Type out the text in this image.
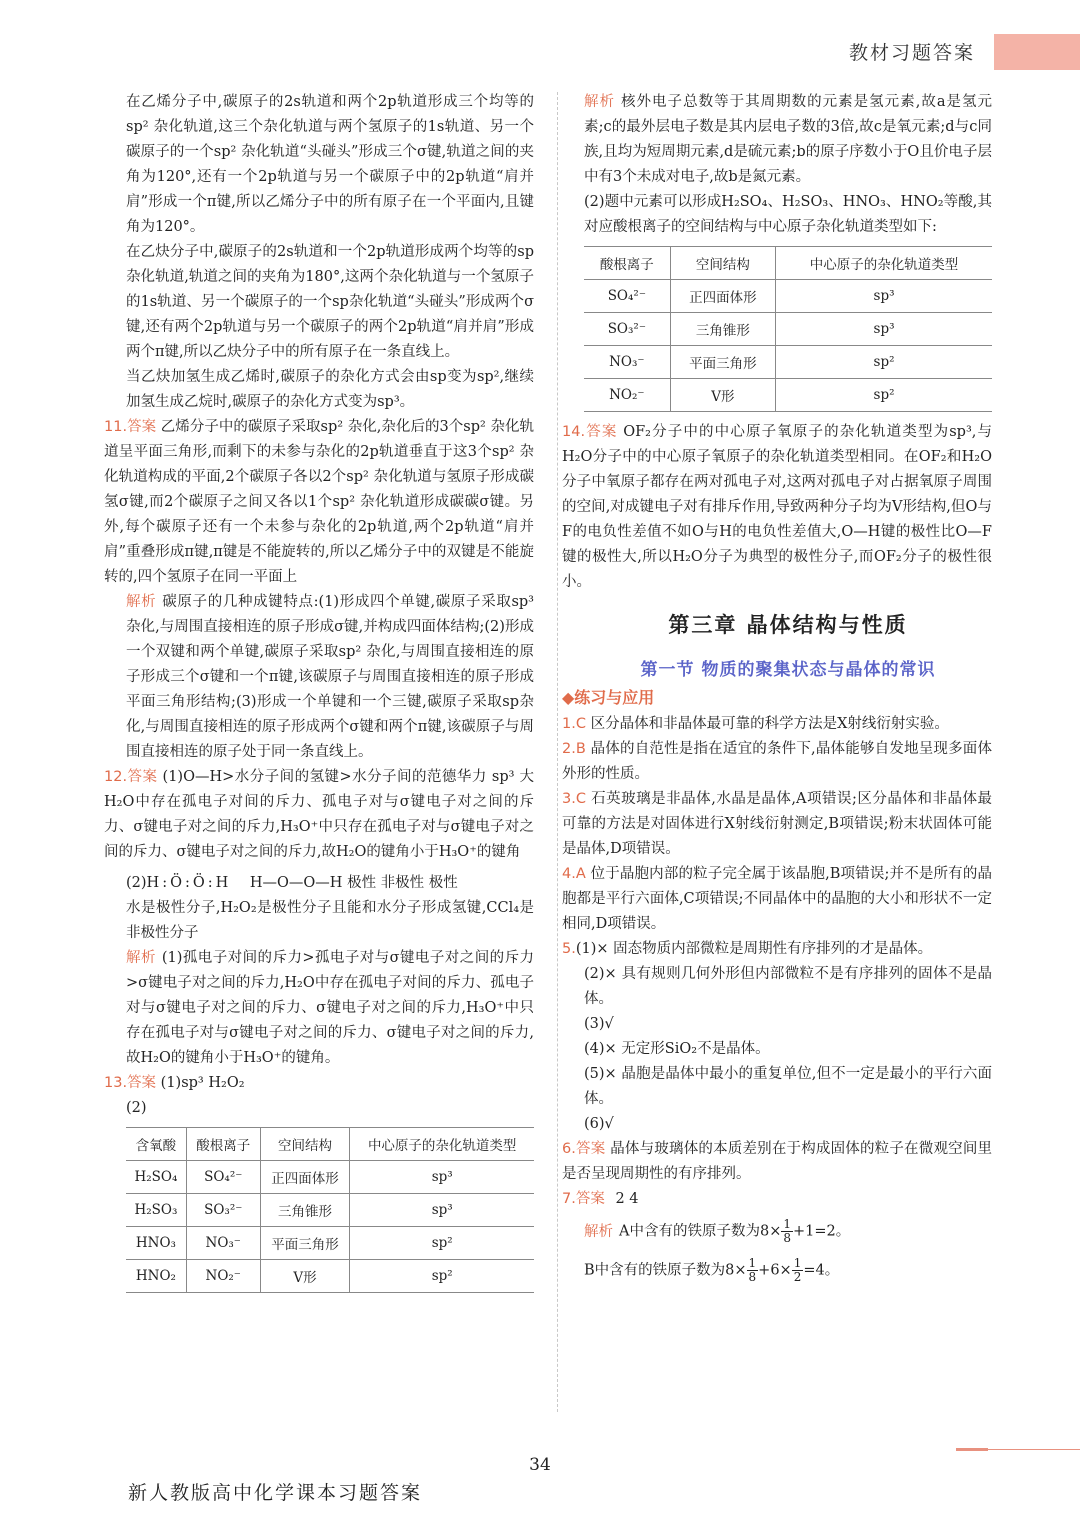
教材习题答案

在乙烯分子中,碳原子的2s轨道和两个2p轨道形成三个均等的sp² 杂化轨道,这三个杂化轨道与两个氢原子的1s轨道、另一个碳原子的一个sp² 杂化轨道“头碰头”形成三个σ键,轨道之间的夹角为120°,还有一个2p轨道与另一个碳原子中的2p轨道“肩并肩”形成一个π键,所以乙烯分子中的所有原子在一个平面内,且键角为120°。

在乙炔分子中,碳原子的2s轨道和一个2p轨道形成两个均等的sp杂化轨道,轨道之间的夹角为180°,这两个杂化轨道与一个氢原子的1s轨道、另一个碳原子的一个sp杂化轨道“头碰头”形成两个σ键,还有两个2p轨道与另一个碳原子的两个2p轨道“肩并肩”形成两个π键,所以乙炔分子中的所有原子在一条直线上。

当乙炔加氢生成乙烯时,碳原子的杂化方式会由sp变为sp²,继续加氢生成乙烷时,碳原子的杂化方式变为sp³。

11.答案 乙烯分子中的碳原子采取sp² 杂化,杂化后的3个sp² 杂化轨道呈平面三角形,而剩下的未参与杂化的2p轨道垂直于这3个sp² 杂化轨道构成的平面,2个碳原子各以2个sp² 杂化轨道与氢原子形成碳氢σ键,而2个碳原子之间又各以1个sp² 杂化轨道形成碳碳σ键。另外,每个碳原子还有一个未参与杂化的2p轨道,两个2p轨道“肩并肩”重叠形成π键,π键是不能旋转的,所以乙烯分子中的双键是不能旋转的,四个氢原子在同一平面上
解析 碳原子的几种成键特点:(1)形成四个单键,碳原子采取sp³ 杂化,与周围直接相连的原子形成σ键,并构成四面体结构;(2)形成一个双键和两个单键,碳原子采取sp² 杂化,与周围直接相连的原子形成三个σ键和一个π键,该碳原子与周围直接相连的原子形成平面三角形结构;(3)形成一个单键和一个三键,碳原子采取sp杂化,与周围直接相连的原子形成两个σ键和两个π键,该碳原子与周围直接相连的原子处于同一条直线上。
12.答案 (1)O—H>水分子间的氢键>水分子间的范德华力 sp³ 大 H₂O中存在孤电子对间的斥力、孤电子对与σ键电子对之间的斥力、σ键电子对之间的斥力,H₃O⁺中只存在孤电子对与σ键电子对之间的斥力、σ键电子对之间的斥力,故H₂O的键角小于H₃O⁺的键角
(2)H:Ö:Ö:H H—O—O—H 极性 非极性 极性

水是极性分子,H₂O₂是极性分子且能和水分子形成氢键,CCl₄是非极性分子

解析 (1)孤电子对间的斥力>孤电子对与σ键电子对之间的斥力>σ键电子对之间的斥力,H₂O中存在孤电子对间的斥力、孤电子对与σ键电子对之间的斥力、σ键电子对之间的斥力,H₃O⁺中只存在孤电子对与σ键电子对之间的斥力、σ键电子对之间的斥力,故H₂O的键角小于H₃O⁺的键角。
13.答案 (1)sp³ H₂O₂

(2)

含氧酸	酸根离子	空间结构	中心原子的杂化轨道类型
H₂SO₄	SO₄²⁻	正四面体形	sp³
H₂SO₃	SO₃²⁻	三角锥形	sp³
HNO₃	NO₃⁻	平面三角形	sp²
HNO₂	NO₂⁻	V形	sp²
解析 核外电子总数等于其周期数的元素是氢元素,故a是氢元素;c的最外层电子数是其内层电子数的3倍,故c是氧元素;d与c同族,且均为短周期元素,d是硫元素;b的原子序数小于O且价电子层中有3个未成对电子,故b是氮元素。

(2)题中元素可以形成H₂SO₄、H₂SO₃、HNO₃、HNO₂等酸,其对应酸根离子的空间结构与中心原子杂化轨道类型如下:

酸根离子	空间结构	中心原子的杂化轨道类型
SO₄²⁻	正四面体形	sp³
SO₃²⁻	三角锥形	sp³
NO₃⁻	平面三角形	sp²
NO₂⁻	V形	sp²
14.答案 OF₂分子中的中心原子氧原子的杂化轨道类型为sp³,与H₂O分子中的中心原子氧原子的杂化轨道类型相同。在OF₂和H₂O分子中氧原子都存在两对孤电子对,这两对孤电子对占据氧原子周围的空间,对成键电子对有排斥作用,导致两种分子均为V形结构,但O与F的电负性差值不如O与H的电负性差值大,O—H键的极性比O—F键的极性大,所以H₂O分子为典型的极性分子,而OF₂分子的极性很小。
第三章 晶体结构与性质
第一节 物质的聚集状态与晶体的常识
◆练习与应用
1.C 区分晶体和非晶体最可靠的科学方法是X射线衍射实验。
2.B 晶体的自范性是指在适宜的条件下,晶体能够自发地呈现多面体外形的性质。
3.C 石英玻璃是非晶体,水晶是晶体,A项错误;区分晶体和非晶体最可靠的方法是对固体进行X射线衍射测定,B项错误;粉末状固体可能是晶体,D项错误。
4.A 位于晶胞内部的粒子完全属于该晶胞,B项错误;并不是所有的晶胞都是平行六面体,C项错误;不同晶体中的晶胞的大小和形状不一定相同,D项错误。
5.(1)× 固态物质内部微粒是周期性有序排列的才是晶体。

(2)× 具有规则几何外形但内部微粒不是有序排列的固体不是晶体。

(3)√

(4)× 无定形SiO₂不是晶体。

(5)× 晶胞是晶体中最小的重复单位,但不一定是最小的平行六面体。

(6)√

6.答案 晶体与玻璃体的本质差别在于构成固体的粒子在微观空间里是否呈现周期性的有序排列。
7.答案 2 4
解析 A中含有的铁原子数为$8\times \frac{1}{8} +1=2$。
B中含有的铁原子数为$8\times \frac{1}{8} +6\times \frac{1}{2} =4$。
34
新人教版高中化学课本习题答案
